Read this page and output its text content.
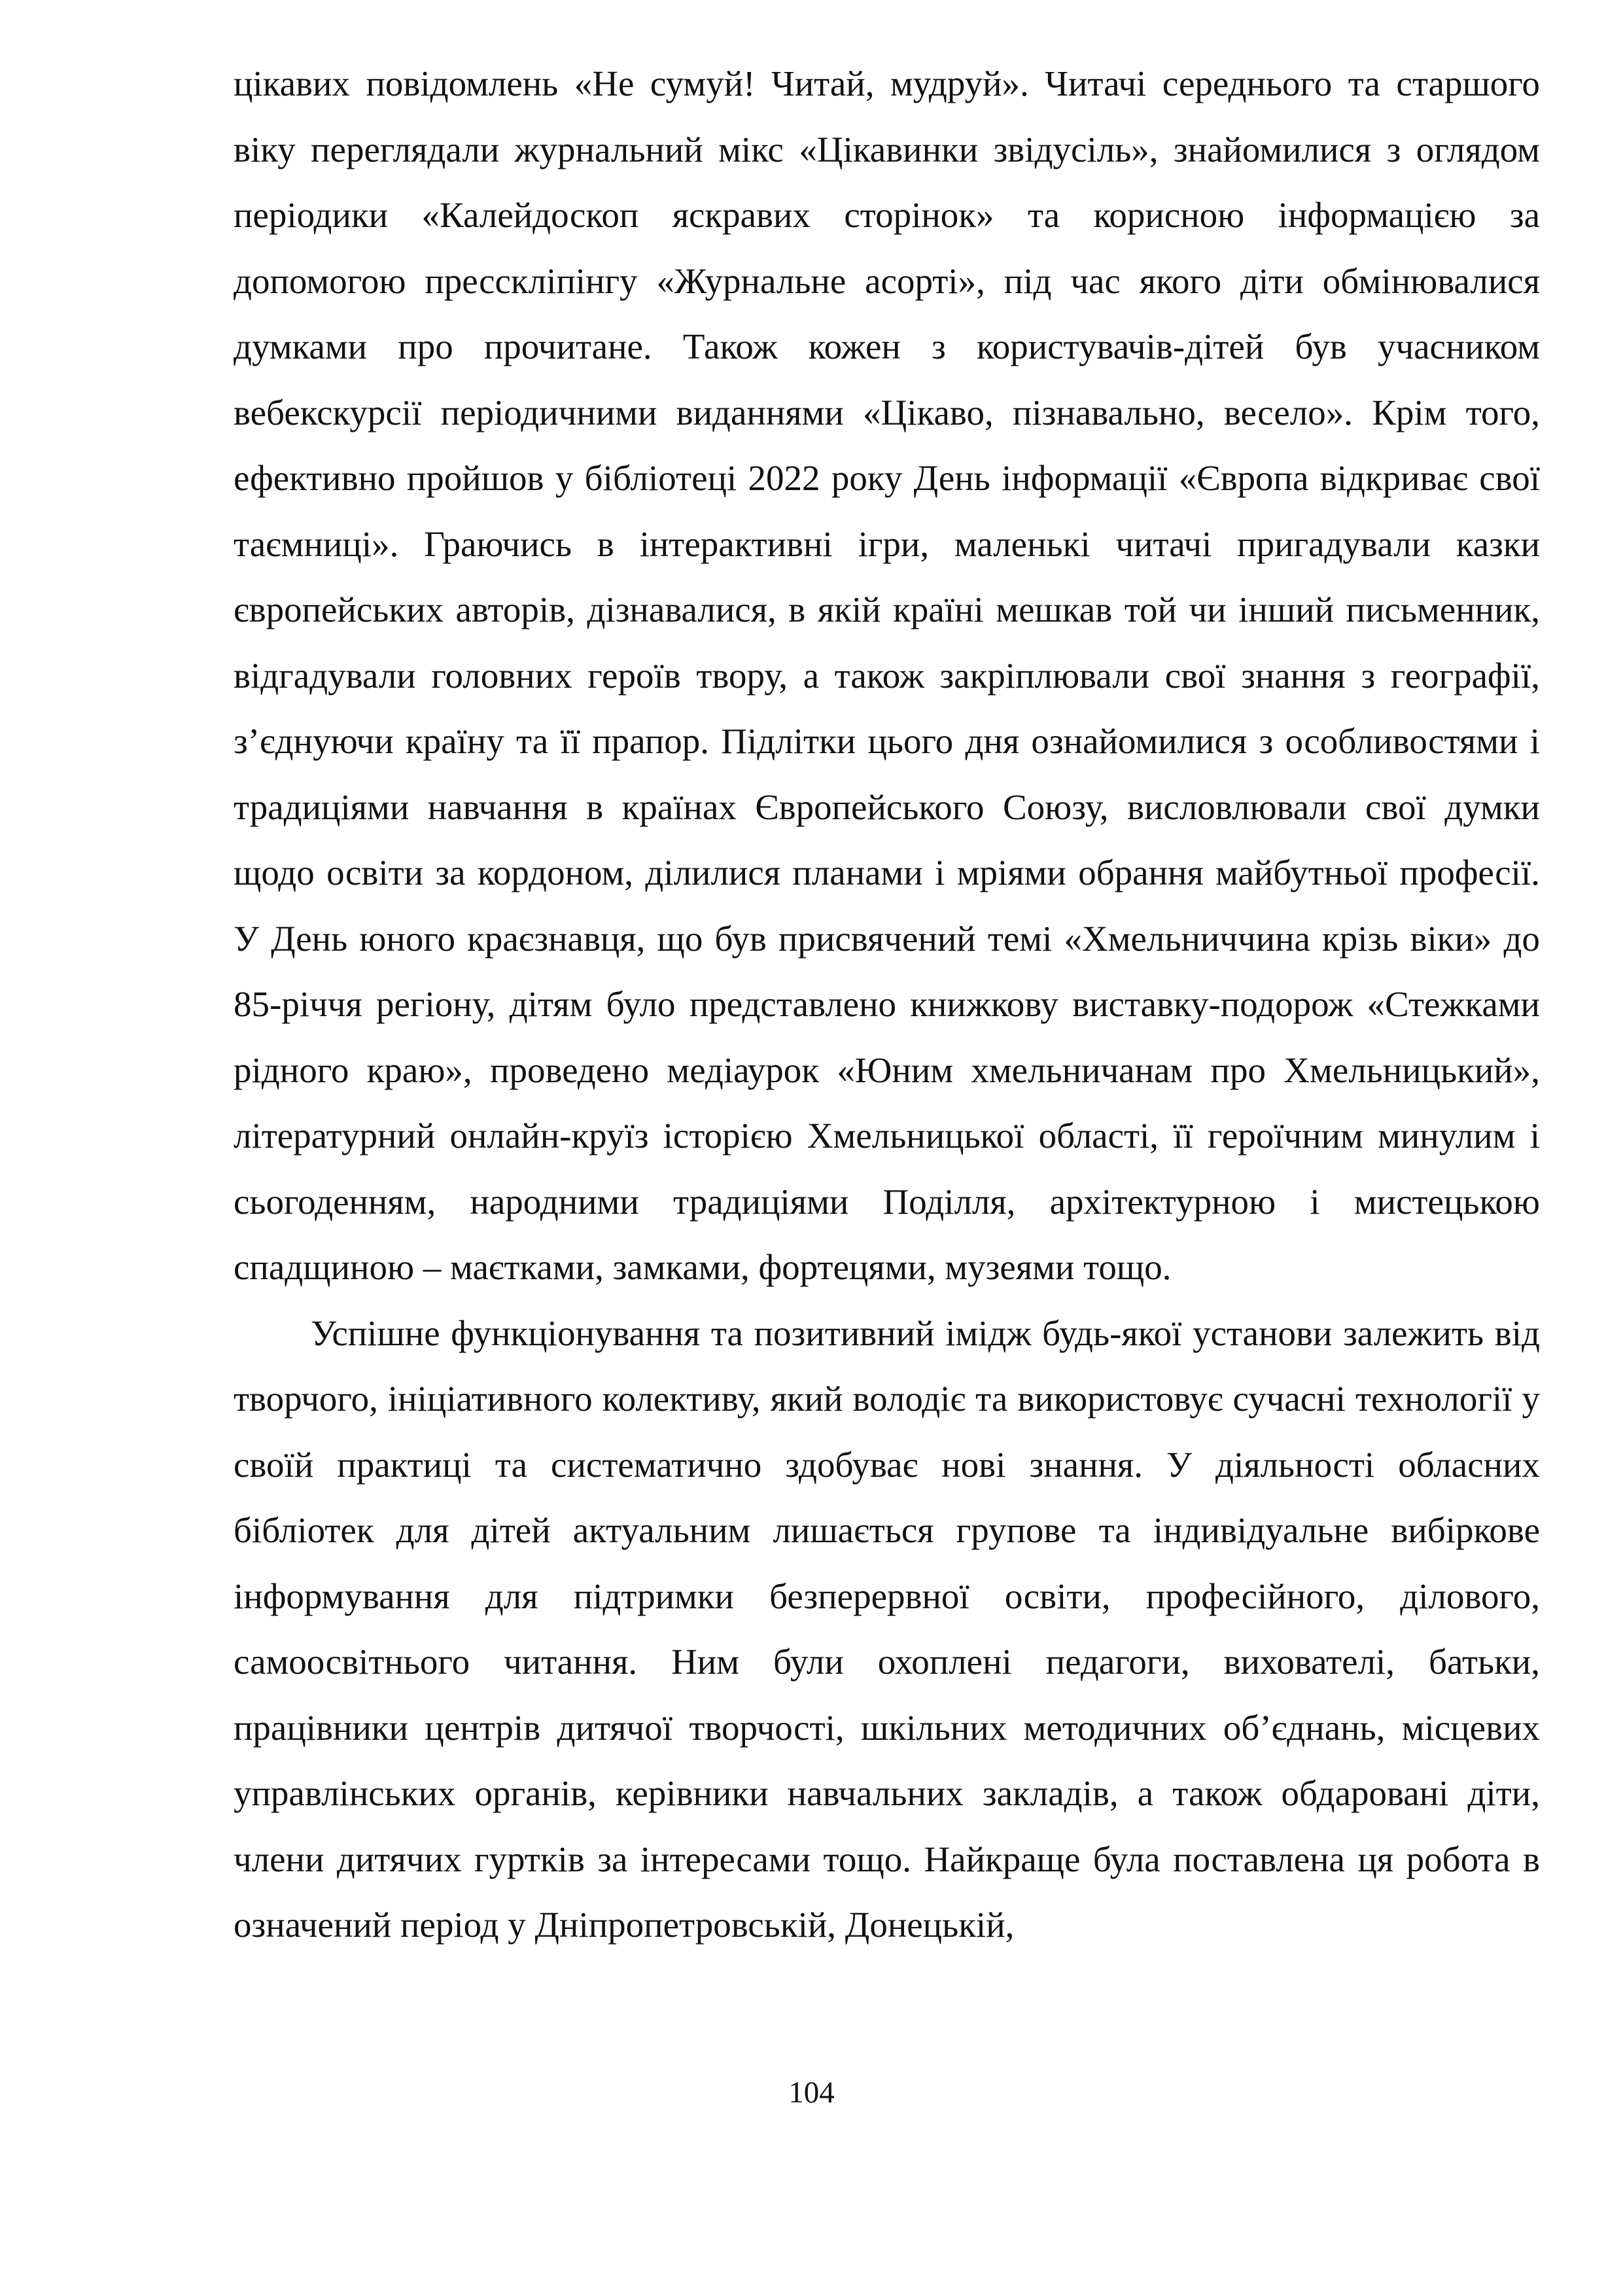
цікавих повідомлень «Не сумуй! Читай, мудруй». Читачі середнього та старшого віку переглядали журнальний мікс «Цікавинки звідусіль», знайомилися з оглядом періодики «Калейдоскоп яскравих сторінок» та корисною інформацією за допомогою пресскліпінгу «Журнальне асорті», під час якого діти обмінювалися думками про прочитане. Також кожен з користувачів-дітей був учасником вебекскурсії періодичними виданнями «Цікаво, пізнавально, весело». Крім того, ефективно пройшов у бібліотеці 2022 року День інформації «Європа відкриває свої таємниці». Граючись в інтерактивні ігри, маленькі читачі пригадували казки європейських авторів, дізнавалися, в якій країні мешкав той чи інший письменник, відгадували головних героїв твору, а також закріплювали свої знання з географії, з’єднуючи країну та її прапор. Підлітки цього дня ознайомилися з особливостями і традиціями навчання в країнах Європейського Союзу, висловлювали свої думки щодо освіти за кордоном, ділилися планами і мріями обрання майбутньої професії. У День юного краєзнавця, що був присвячений темі «Хмельниччина крізь віки» до 85-річчя регіону, дітям було представлено книжкову виставку-подорож «Стежками рідного краю», проведено медіаурок «Юним хмельничанам про Хмельницький», літературний онлайн-круїз історією Хмельницької області, її героїчним минулим і сьогоденням, народними традиціями Поділля, архітектурною і мистецькою спадщиною – маєтками, замками, фортецями, музеями тощо.

Успішне функціонування та позитивний імідж будь-якої установи залежить від творчого, ініціативного колективу, який володіє та використовує сучасні технології у своїй практиці та систематично здобуває нові знання. У діяльності обласних бібліотек для дітей актуальним лишається групове та індивідуальне вибіркове інформування для підтримки безперервної освіти, професійного, ділового, самоосвітнього читання. Ним були охоплені педагоги, вихователі, батьки, працівники центрів дитячої творчості, шкільних методичних об’єднань, місцевих управлінських органів, керівники навчальних закладів, а також обдаровані діти, члени дитячих гуртків за інтересами тощо. Найкраще була поставлена ця робота в означений період у Дніпропетровській, Донецькій,

104
